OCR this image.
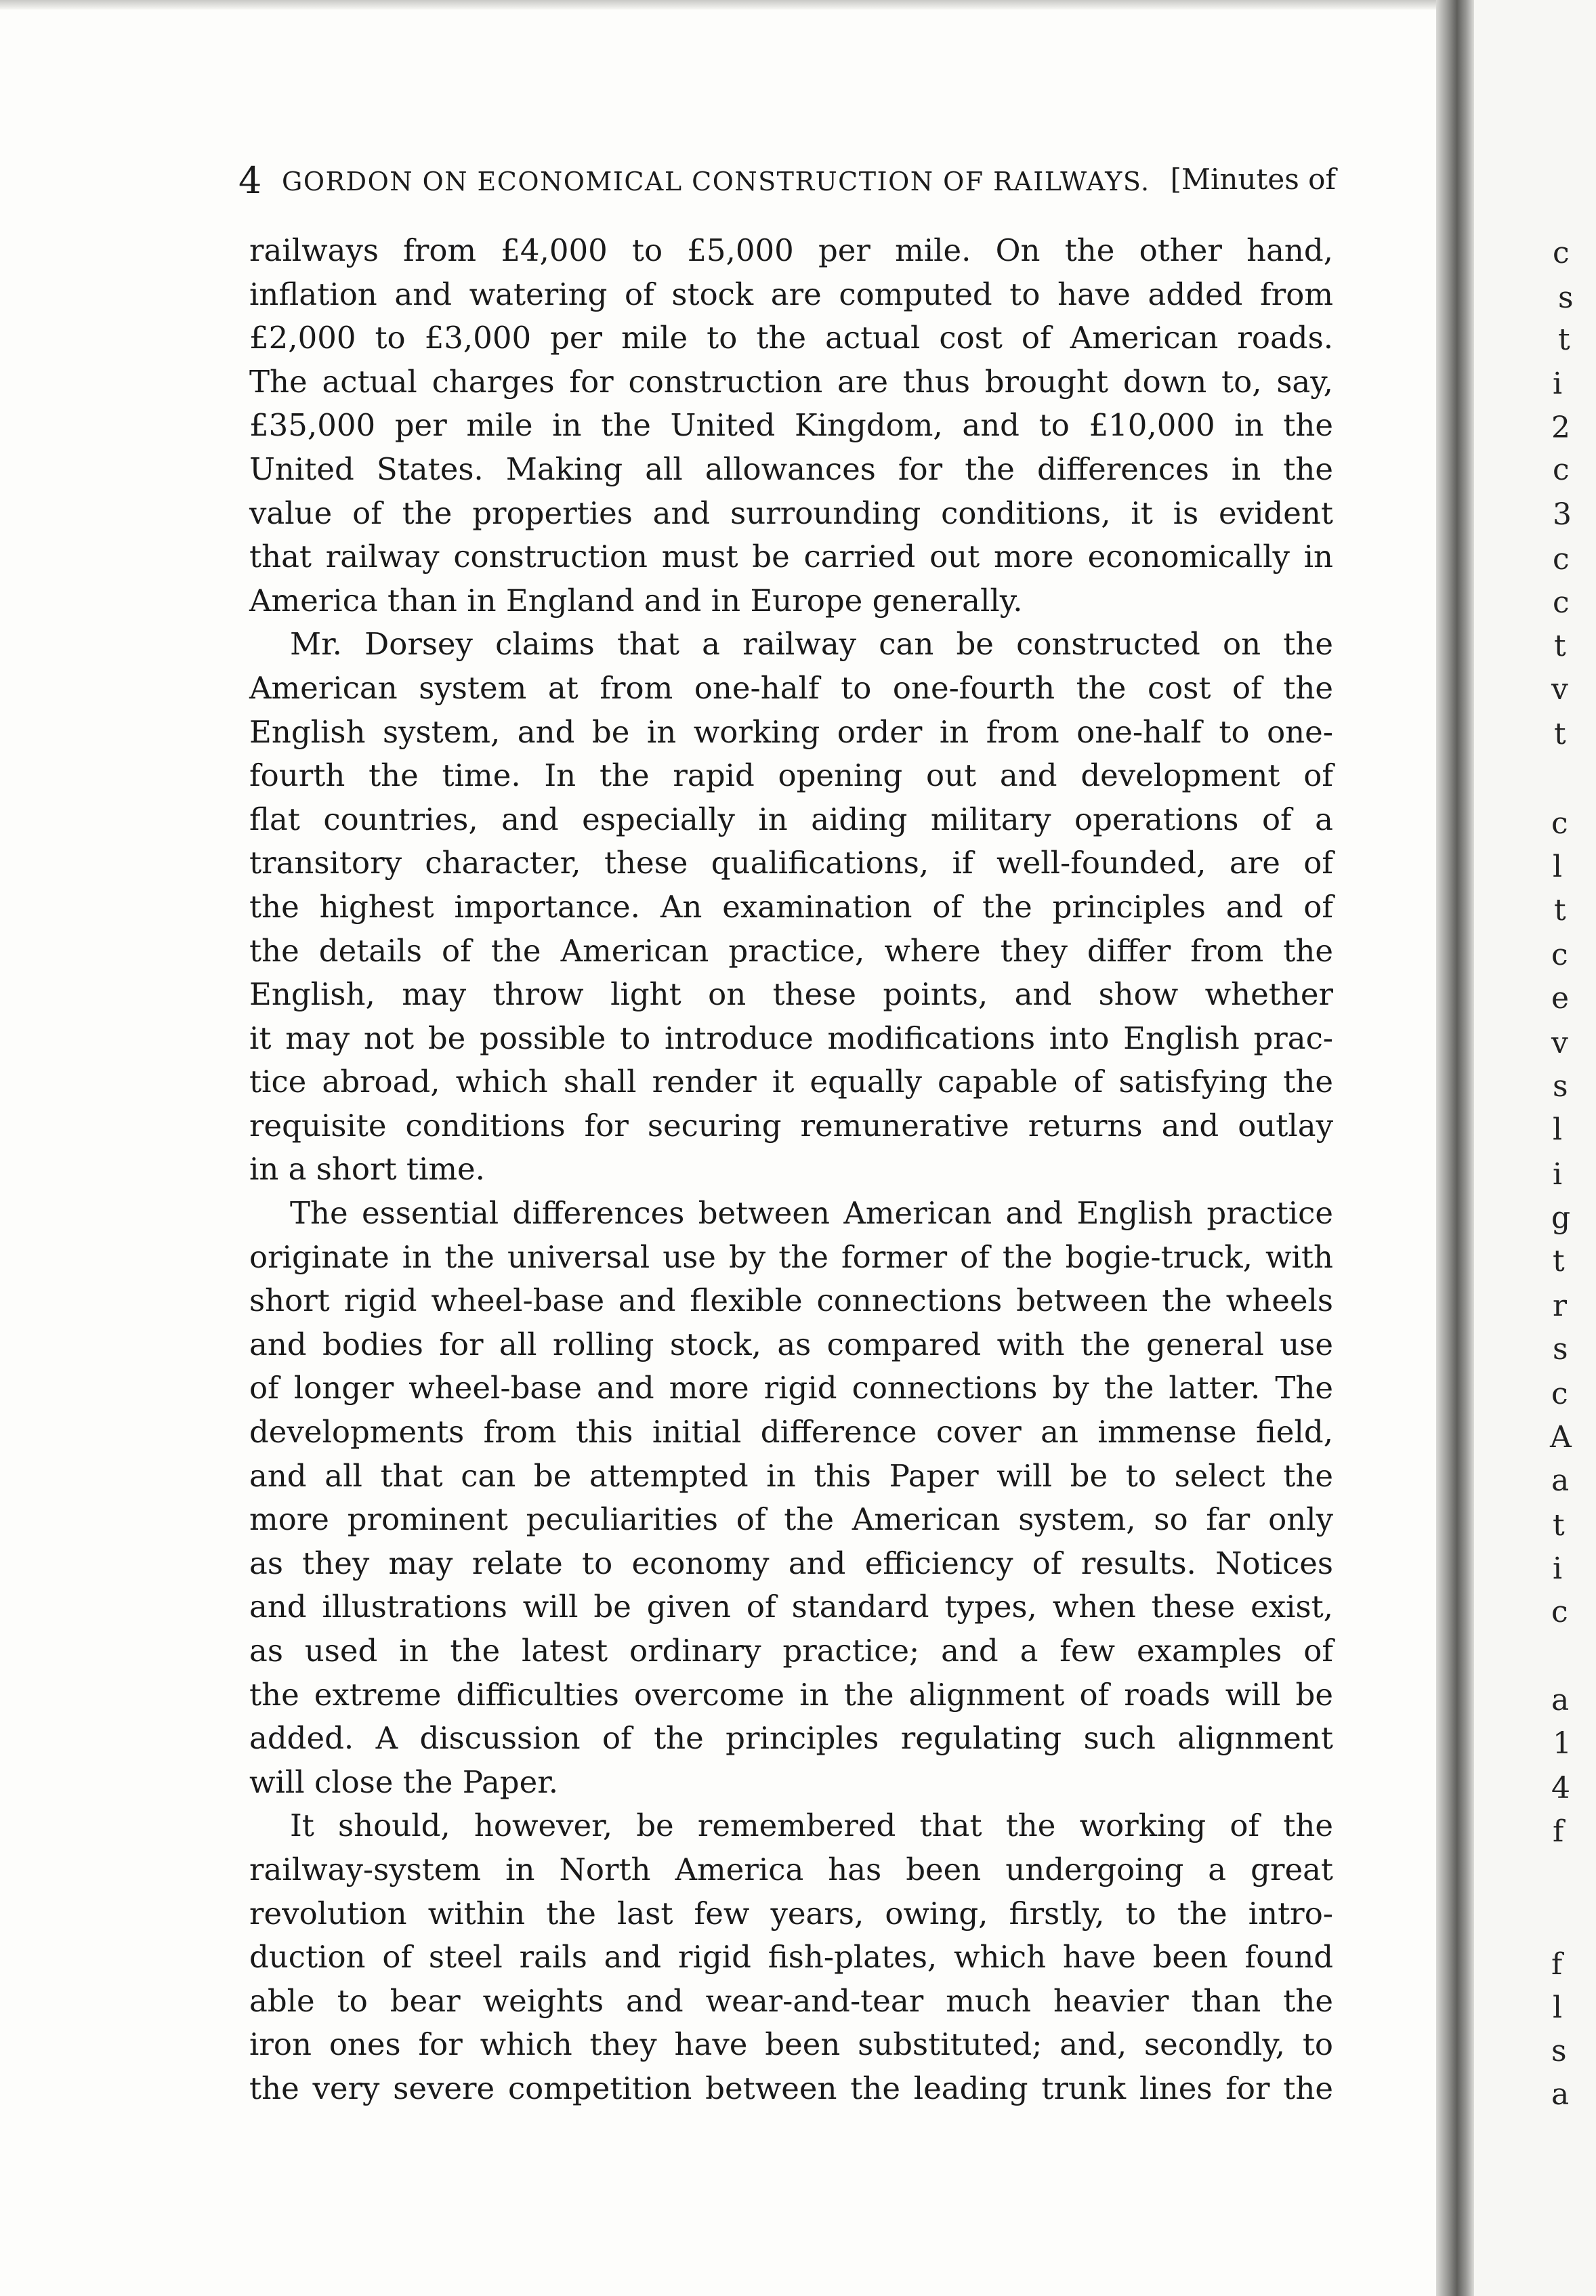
4 GORDON ON ECONOMICAL CONSTRUCTION OF RAILWAYS. [Minutes of

railways from £4,000 to £5,000 per mile. On the other hand,
inflation and watering of stock are computed to have added from
£2,000 to £3,000 per mile to the actual cost of American roads.
The actual charges for construction are thus brought down to, say,
£35,000 per mile in the United Kingdom, and to £10,000 in the
United States. Making all allowances for the differences in the
value of the properties and surrounding conditions, it is evident
that railway construction must be carried out more economically in
America than in England and in Europe generally.

Mr. Dorsey claims that a railway can be constructed on the
American system at from one-half to one-fourth the cost of the
English system, and be in working order in from one-half to one-
fourth the time. In the rapid opening out and development of
flat countries, and especially in aiding military operations of a
transitory character, these qualifications, if well-founded, are of
the highest importance. An examination of the principles and of
the details of the American practice, where they differ from the
English, may throw light on these points, and show whether
it may not be possible to introduce modifications into English prac-
tice abroad, which shall render it equally capable of satisfying the
requisite conditions for securing remunerative returns and outlay
in a short time.

The essential differences between American and English practice
originate in the universal use by the former of the bogie-truck, with
short rigid wheel-base and flexible connections between the wheels
and bodies for all rolling stock, as compared with the general use
of longer wheel-base and more rigid connections by the latter. The
developments from this initial difference cover an immense field,
and all that can be attempted in this Paper will be to select the
more prominent peculiarities of the American system, so far only
as they may relate to economy and efficiency of results. Notices
and illustrations will be given of standard types, when these exist,
as used in the latest ordinary practice; and a few examples of
the extreme difficulties overcome in the alignment of roads will be
added. A discussion of the principles regulating such alignment
will close the Paper.

It should, however, be remembered that the working of the
railway-system in North America has been undergoing a great
revolution within the last few years, owing, firstly, to the intro-
duction of steel rails and rigid fish-plates, which have been found
able to bear weights and wear-and-tear much heavier than the
iron ones for which they have been substituted; and, secondly, to
the very severe competition between the leading trunk lines for the

c
s
t
i
2
c
3
c
c
t
v
t
c
l
t
c
e
v
s
l
i
g
t
r
s
c
A
a
t
i
c
a
1
4
f
f
l
s
a
